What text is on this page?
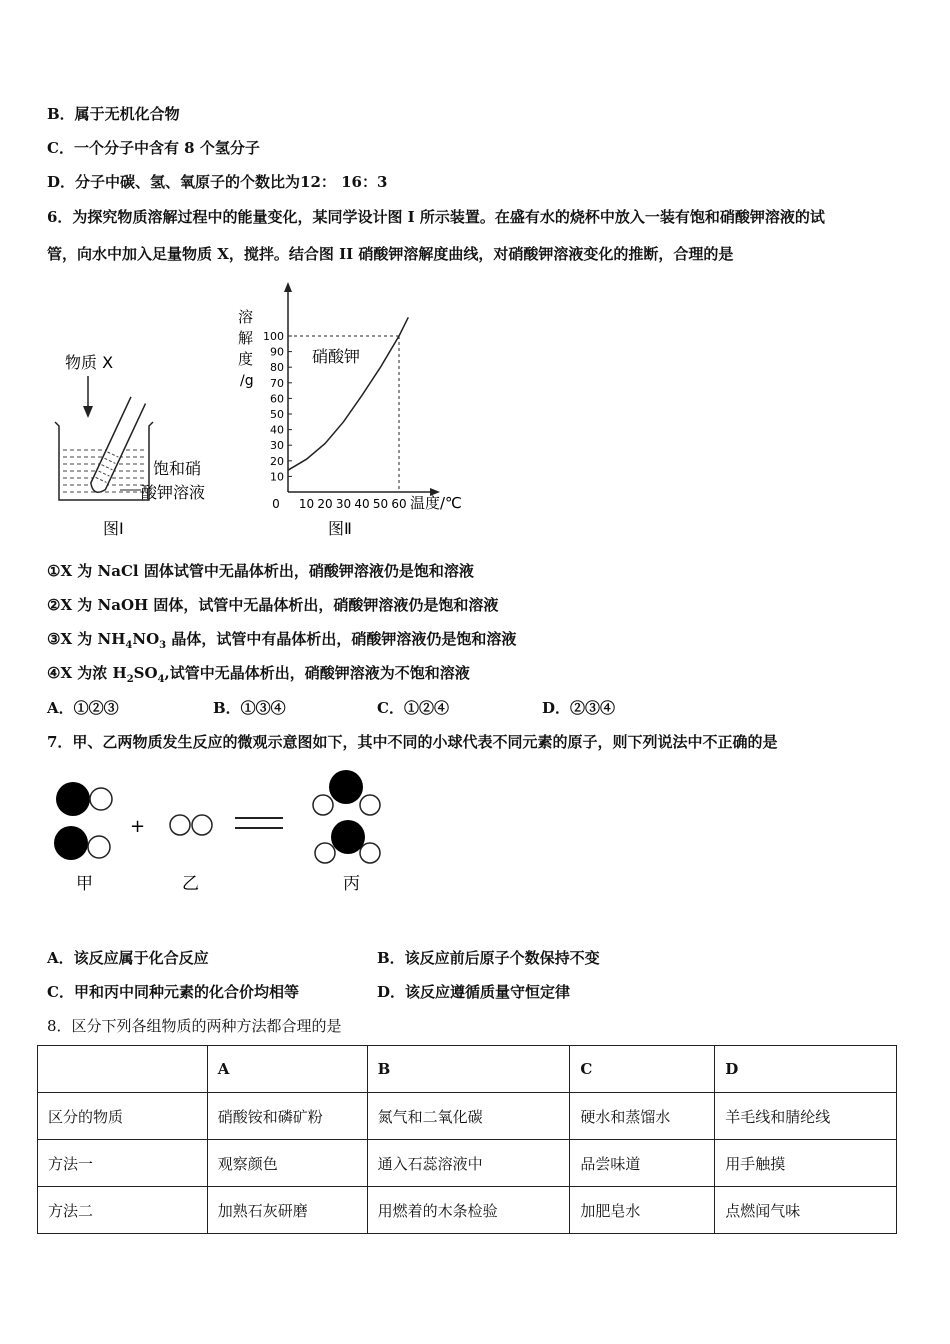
B．属于无机化合物
C．一个分子中含有 8 个氢分子
D．分子中碳、氢、氧原子的个数比为12： 16：3
6．为探究物质溶解过程中的能量变化，某同学设计图 I 所示装置。在盛有水的烧杯中放入一装有饱和硝酸钾溶液的试
管，向水中加入足量物质 X，搅拌。结合图 II 硝酸钾溶解度曲线，对硝酸钾溶液变化的推断，合理的是
物质 X
饱和硝
酸钾溶液
图Ⅰ
溶
解
度
/g
100
90
80
70
60
50
40
30
20
10
0 10 20 30 40 50 60
硝酸钾
温度/℃
图Ⅱ
①X 为 NaCl 固体试管中无晶体析出，硝酸钾溶液仍是饱和溶液
②X 为 NaOH 固体，试管中无晶体析出，硝酸钾溶液仍是饱和溶液
③X 为 $NH_4NO_3$ 晶体，试管中有晶体析出，硝酸钾溶液仍是饱和溶液
④X 为浓 $H_2SO_4$,试管中无晶体析出，硝酸钾溶液为不饱和溶液
A．①②③	B．①③④	C．①②④	D．②③④
7．甲、乙两物质发生反应的微观示意图如下，其中不同的小球代表不同元素的原子，则下列说法中不正确的是
+
甲	乙	丙
A．该反应属于化合反应	B．该反应前后原子个数保持不变
C．甲和丙中同种元素的化合价均相等	D．该反应遵循质量守恒定律
8．区分下列各组物质的两种方法都合理的是
	A	B	C	D
区分的物质	硝酸铵和磷矿粉	氮气和二氧化碳	硬水和蒸馏水	羊毛线和腈纶线
方法一	观察颜色	通入石蕊溶液中	品尝味道	用手触摸
方法二	加熟石灰研磨	用燃着的木条检验	加肥皂水	点燃闻气味
